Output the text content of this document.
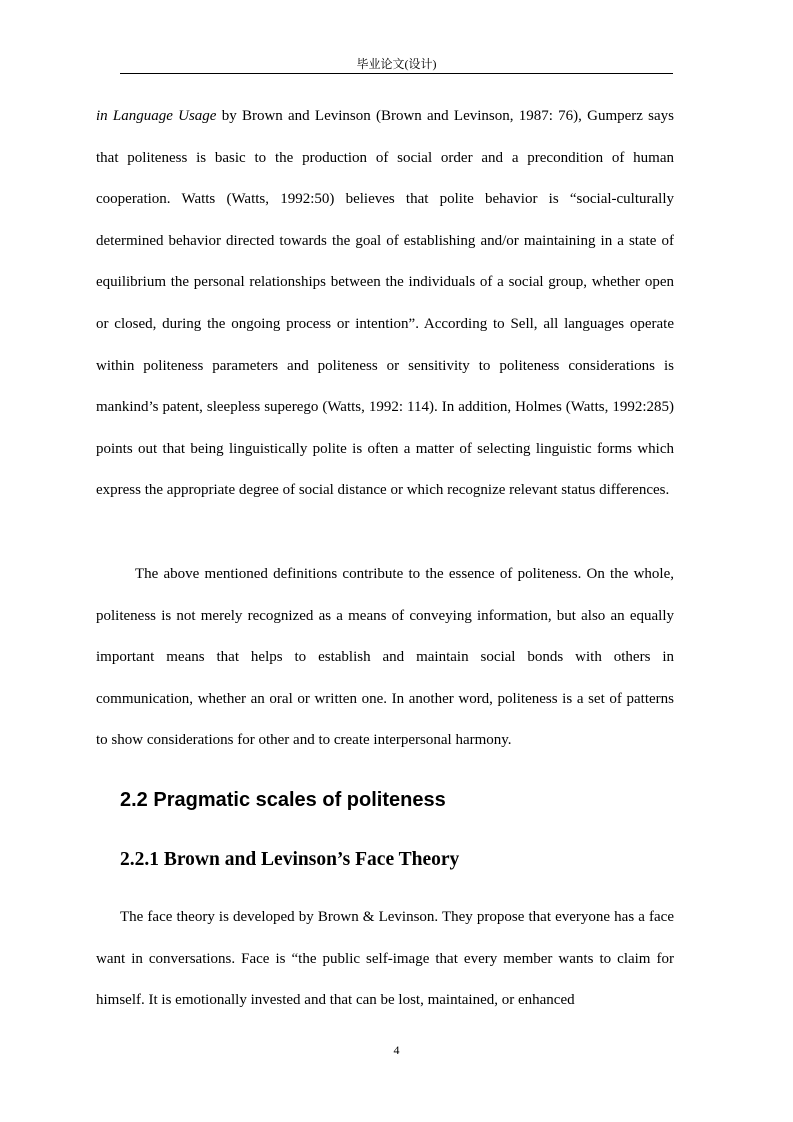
毕业论文(设计)

in Language Usage by Brown and Levinson (Brown and Levinson, 1987: 76), Gumperz says that politeness is basic to the production of social order and a precondition of human cooperation. Watts (Watts, 1992:50) believes that polite behavior is “social-culturally determined behavior directed towards the goal of establishing and/or maintaining in a state of equilibrium the personal relationships between the individuals of a social group, whether open or closed, during the ongoing process or intention”. According to Sell, all languages operate within politeness parameters and politeness or sensitivity to politeness considerations is mankind’s patent, sleepless superego (Watts, 1992: 114). In addition, Holmes (Watts, 1992:285) points out that being linguistically polite is often a matter of selecting linguistic forms which express the appropriate degree of social distance or which recognize relevant status differences.

The above mentioned definitions contribute to the essence of politeness. On the whole, politeness is not merely recognized as a means of conveying information, but also an equally important means that helps to establish and maintain social bonds with others in communication, whether an oral or written one. In another word, politeness is a set of patterns to show considerations for other and to create interpersonal harmony.

2.2 Pragmatic scales of politeness
2.2.1 Brown and Levinson’s Face Theory

The face theory is developed by Brown & Levinson. They propose that everyone has a face want in conversations. Face is “the public self-image that every member wants to claim for himself. It is emotionally invested and that can be lost, maintained, or enhanced

4
